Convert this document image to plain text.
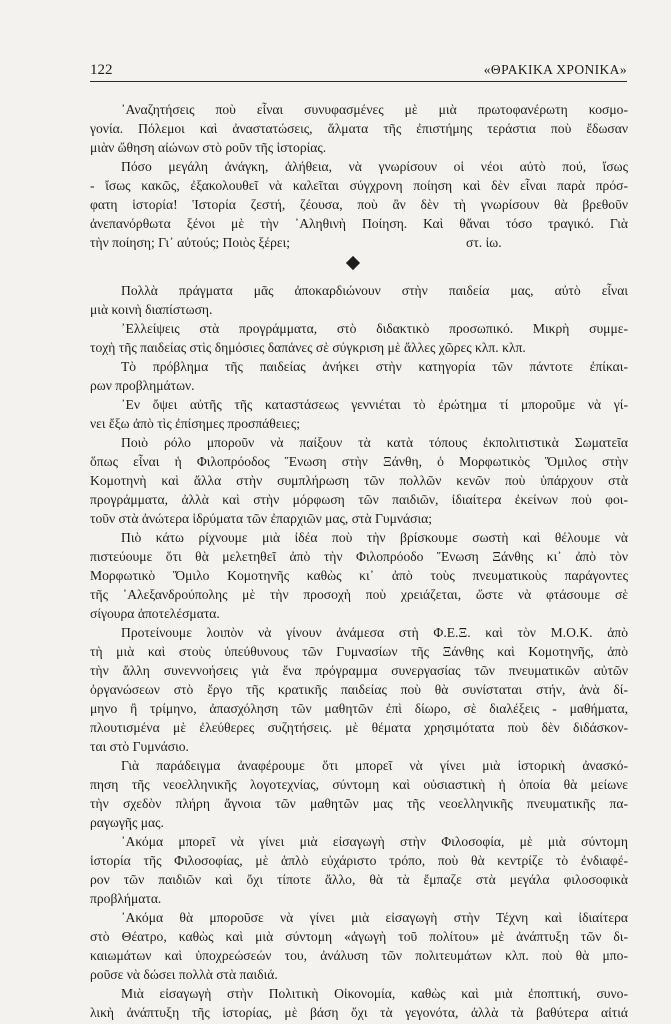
122	«ΘΡΑΚΙΚΑ ΧΡΟΝΙΚΑ»
᾿Αναζητήσεις ποὺ εἶναι συνυφασμένες μὲ μιὰ πρωτοφανέρωτη κοσμο-
γονία. Πόλεμοι καὶ ἀναστατώσεις, ἅλματα τῆς ἐπιστήμης τεράστια ποὺ ἔδωσαν
μιὰν ὤθηση αἰώνων στὸ ροῦν τῆς ἱστορίας.
Πόσο μεγάλη ἀνάγκη, ἀλήθεια, νὰ γνωρίσουν οἱ νέοι αὐτὸ πού, ἴσως
- ἴσως κακῶς, ἐξακολουθεῖ νὰ καλεῖται σύγχρονη ποίηση καὶ δὲν εἶναι παρὰ πρόσ-
φατη ἱστορία! Ἱστορία ζεστή, ζέουσα, ποὺ ἂν δὲν τὴ γνωρίσουν θὰ βρεθοῦν
ἀνεπανόρθωτα ξένοι μὲ τὴν ᾿Αληθινὴ Ποίηση. Καὶ θἄναι τόσο τραγικό. Γιὰ
τὴν ποίηση; Γι᾿ αὐτούς; Ποιὸς ξέρει;	στ. ἰω.
Πολλὰ πράγματα μᾶς ἀποκαρδιώνουν στὴν παιδεία μας, αὐτὸ εἶναι
μιὰ κοινὴ διαπίστωση.
᾿Ελλείψεις στὰ προγράμματα, στὸ διδακτικὸ προσωπικό. Μικρὴ συμμε-
τοχὴ τῆς παιδείας στὶς δημόσιες δαπάνες σὲ σύγκριση μὲ ἄλλες χῶρες κλπ. κλπ.
Τὸ πρόβλημα τῆς παιδείας ἀνήκει στὴν κατηγορία τῶν πάντοτε ἐπίκαι-
ρων προβλημάτων.
᾿Εν ὄψει αὐτῆς τῆς καταστάσεως γεννιέται τὸ ἐρώτημα τί μποροῦμε νὰ γί-
νει ἔξω ἀπὸ τὶς ἐπίσημες προσπάθειες;
Ποιὸ ρόλο μποροῦν νὰ παίξουν τὰ κατὰ τόπους ἐκπολιτιστικὰ Σωματεῖα
ὅπως εἶναι ἡ Φιλοπρόοδος Ἕνωση στὴν Ξάνθη, ὁ Μορφωτικὸς Ὅμιλος στὴν
Κομοτηνὴ καὶ ἄλλα στὴν συμπλήρωση τῶν πολλῶν κενῶν ποὺ ὑπάρχουν στὰ
προγράμματα, ἀλλὰ καὶ στὴν μόρφωση τῶν παιδιῶν, ἰδιαίτερα ἐκείνων ποὺ φοι-
τοῦν στὰ ἀνώτερα ἱδρύματα τῶν ἐπαρχιῶν μας, στὰ Γυμνάσια;
Πιὸ κάτω ρίχνουμε μιὰ ἰδέα ποὺ τὴν βρίσκουμε σωστὴ καὶ θέλουμε νὰ
πιστεύουμε ὅτι θὰ μελετηθεῖ ἀπὸ τὴν Φιλοπρόοδο Ἕνωση Ξάνθης κι᾿ ἀπὸ τὸν
Μορφωτικὸ Ὅμιλο Κομοτηνῆς καθὼς κι᾿ ἀπὸ τοὺς πνευματικοὺς παράγοντες
τῆς ᾿Αλεξανδρούπολης μὲ τὴν προσοχὴ ποὺ χρειάζεται, ὥστε νὰ φτάσουμε σὲ
σίγουρα ἀποτελέσματα.
Προτείνουμε λοιπὸν νὰ γίνουν ἀνάμεσα στὴ Φ.Ε.Ξ. καὶ τὸν Μ.Ο.Κ. ἀπὸ
τὴ μιὰ καὶ στοὺς ὑπεύθυνους τῶν Γυμνασίων τῆς Ξάνθης καὶ Κομοτηνῆς, ἀπὸ
τὴν ἄλλη συνεννοήσεις γιὰ ἕνα πρόγραμμα συνεργασίας τῶν πνευματικῶν αὐτῶν
ὀργανώσεων στὸ ἔργο τῆς κρατικῆς παιδείας ποὺ θὰ συνίσταται στήν, ἀνὰ δί-
μηνο ἢ τρίμηνο, ἀπασχόληση τῶν μαθητῶν ἐπὶ δίωρο, σὲ διαλέξεις - μαθήματα,
πλουτισμένα μὲ ἐλεύθερες συζητήσεις. μὲ θέματα χρησιμότατα ποὺ δὲν διδάσκον-
ται στὸ Γυμνάσιο.
Γιὰ παράδειγμα ἀναφέρουμε ὅτι μπορεῖ νὰ γίνει μιὰ ἱστορικὴ ἀνασκό-
πηση τῆς νεοελληνικῆς λογοτεχνίας, σύντομη καὶ οὐσιαστικὴ ἡ ὁποία θὰ μείωνε
τὴν σχεδὸν πλήρη ἄγνοια τῶν μαθητῶν μας τῆς νεοελληνικῆς πνευματικῆς πα-
ραγωγῆς μας.
᾿Ακόμα μπορεῖ νὰ γίνει μιὰ εἰσαγωγὴ στὴν Φιλοσοφία, μὲ μιὰ σύντομη
ἱστορία τῆς Φιλοσοφίας, μὲ ἁπλὸ εὐχάριστο τρόπο, ποὺ θὰ κεντρίζε τὸ ἐνδιαφέ-
ρον τῶν παιδιῶν καὶ ὄχι τίποτε ἄλλο, θὰ τὰ ἔμπαζε στὰ μεγάλα φιλοσοφικὰ
προβλήματα.
᾿Ακόμα θὰ μποροῦσε νὰ γίνει μιὰ εἰσαγωγὴ στὴν Τέχνη καὶ ἰδιαίτερα
στὸ Θέατρο, καθὼς καὶ μιὰ σύντομη «ἀγωγὴ τοῦ πολίτου» μὲ ἀνάπτυξη τῶν δι-
καιωμάτων καὶ ὑποχρεώσεών του, ἀνάλυση τῶν πολιτευμάτων κλπ. ποὺ θὰ μπο-
ροῦσε νὰ δώσει πολλὰ στὰ παιδιά.
Μιὰ εἰσαγωγὴ στὴν Πολιτικὴ Οἰκονομία, καθὼς καὶ μιὰ ἐποπτική, συνο-
λικὴ ἀνάπτυξη τῆς ἱστορίας, μὲ βάση ὄχι τὰ γεγονότα, ἀλλὰ τὰ βαθύτερα αἰτιά
